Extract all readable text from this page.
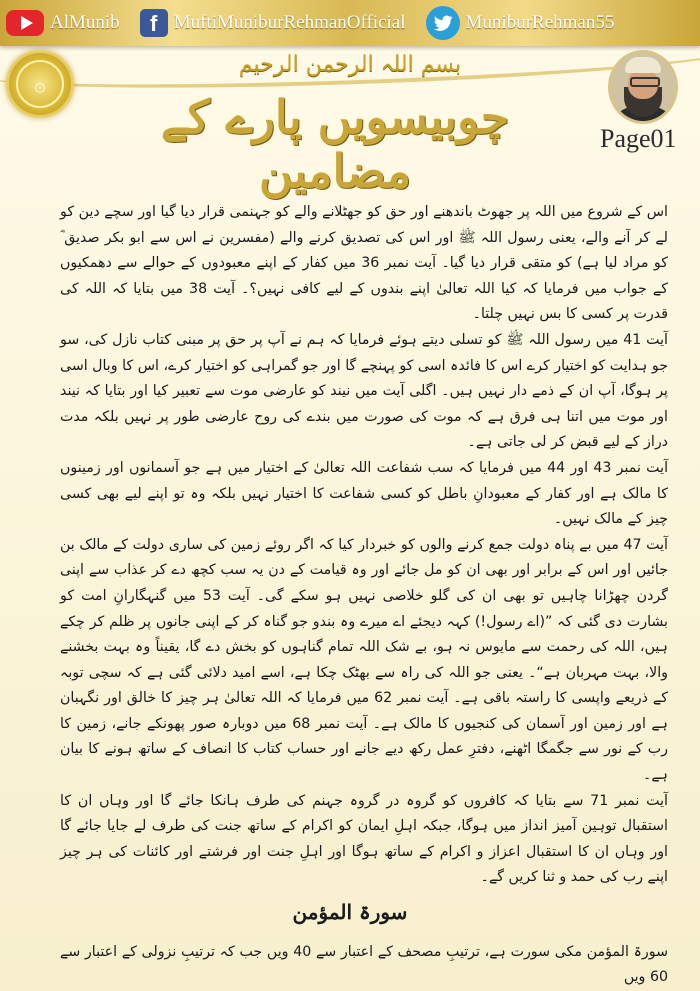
AlMunib	f MuftiMuniburRehmanOfficial	MuniburRehman55
۞
Page01
بسم اللہ الرحمن الرحیم
چوبیسویں پارے کے مضامین

اس کے شروع میں اللہ پر جھوٹ باندھنے اور حق کو جھٹلانے والے کو جہنمی قرار دیا گیا اور سچے دین کو لے کر آنے والے، یعنی رسول اللہ ﷺ اور اس کی تصدیق کرنے والے (مفسرین نے اس سے ابو بکر صدیق ؓ کو مراد لیا ہے) کو متقی قرار دیا گیا۔ آیت نمبر 36 میں کفار کے اپنے معبودوں کے حوالے سے دھمکیوں کے جواب میں فرمایا کہ کیا اللہ تعالیٰ اپنے بندوں کے لیے کافی نہیں؟۔ آیت 38 میں بتایا کہ اللہ کی قدرت پر کسی کا بس نہیں چلتا۔

آیت 41 میں رسول اللہ ﷺ کو تسلی دیتے ہوئے فرمایا کہ ہم نے آپ پر حق پر مبنی کتاب نازل کی، سو جو ہدایت کو اختیار کرے اس کا فائدہ اسی کو پہنچے گا اور جو گمراہی کو اختیار کرے، اس کا وبال اسی پر ہوگا، آپ ان کے ذمے دار نہیں ہیں۔ اگلی آیت میں نیند کو عارضی موت سے تعبیر کیا اور بتایا کہ نیند اور موت میں اتنا ہی فرق ہے کہ موت کی صورت میں بندے کی روح عارضی طور پر نہیں بلکہ مدت دراز کے لیے قبض کر لی جاتی ہے۔

آیت نمبر 43 اور 44 میں فرمایا کہ سب شفاعت اللہ تعالیٰ کے اختیار میں ہے جو آسمانوں اور زمینوں کا مالک ہے اور کفار کے معبودانِ باطل کو کسی شفاعت کا اختیار نہیں بلکہ وہ تو اپنے لیے بھی کسی چیز کے مالک نہیں۔

آیت 47 میں بے پناہ دولت جمع کرنے والوں کو خبردار کیا کہ اگر روئے زمین کی ساری دولت کے مالک بن جائیں اور اس کے برابر اور بھی ان کو مل جائے اور وہ قیامت کے دن یہ سب کچھ دے کر عذاب سے اپنی گردن چھڑانا چاہیں تو بھی ان کی گلو خلاصی نہیں ہو سکے گی۔ آیت 53 میں گنہگارانِ امت کو بشارت دی گئی کہ ”(اے رسول!) کہہ دیجئے اے میرے وہ بندو جو گناہ کر کے اپنی جانوں پر ظلم کر چکے ہیں، اللہ کی رحمت سے مایوس نہ ہو، بے شک اللہ تمام گناہوں کو بخش دے گا، یقیناً وہ بہت بخشنے والا، بہت مہربان ہے“۔ یعنی جو اللہ کی راہ سے بھٹک چکا ہے، اسے امید دلائی گئی ہے کہ سچی توبہ کے ذریعے واپسی کا راستہ باقی ہے۔ آیت نمبر 62 میں فرمایا کہ اللہ تعالیٰ ہر چیز کا خالق اور نگہبان ہے اور زمین اور آسمان کی کنجیوں کا مالک ہے۔ آیت نمبر 68 میں دوبارہ صور پھونکے جانے، زمین کا رب کے نور سے جگمگا اٹھنے، دفترِ عمل رکھ دیے جانے اور حساب کتاب کا انصاف کے ساتھ ہونے کا بیان ہے۔

آیت نمبر 71 سے بتایا کہ کافروں کو گروہ در گروہ جہنم کی طرف ہانکا جائے گا اور وہاں ان کا استقبال توہین آمیز انداز میں ہوگا، جبکہ اہلِ ایمان کو اکرام کے ساتھ جنت کی طرف لے جایا جائے گا اور وہاں ان کا استقبال اعزاز و اکرام کے ساتھ ہوگا اور اہلِ جنت اور فرشتے اور کائنات کی ہر چیز اپنے رب کی حمد و ثنا کریں گے۔

سورۃ المؤمن
سورۃ المؤمن مکی سورت ہے، ترتیبِ مصحف کے اعتبار سے 40 ویں جب کہ ترتیبِ نزولی کے اعتبار سے 60 ویں
